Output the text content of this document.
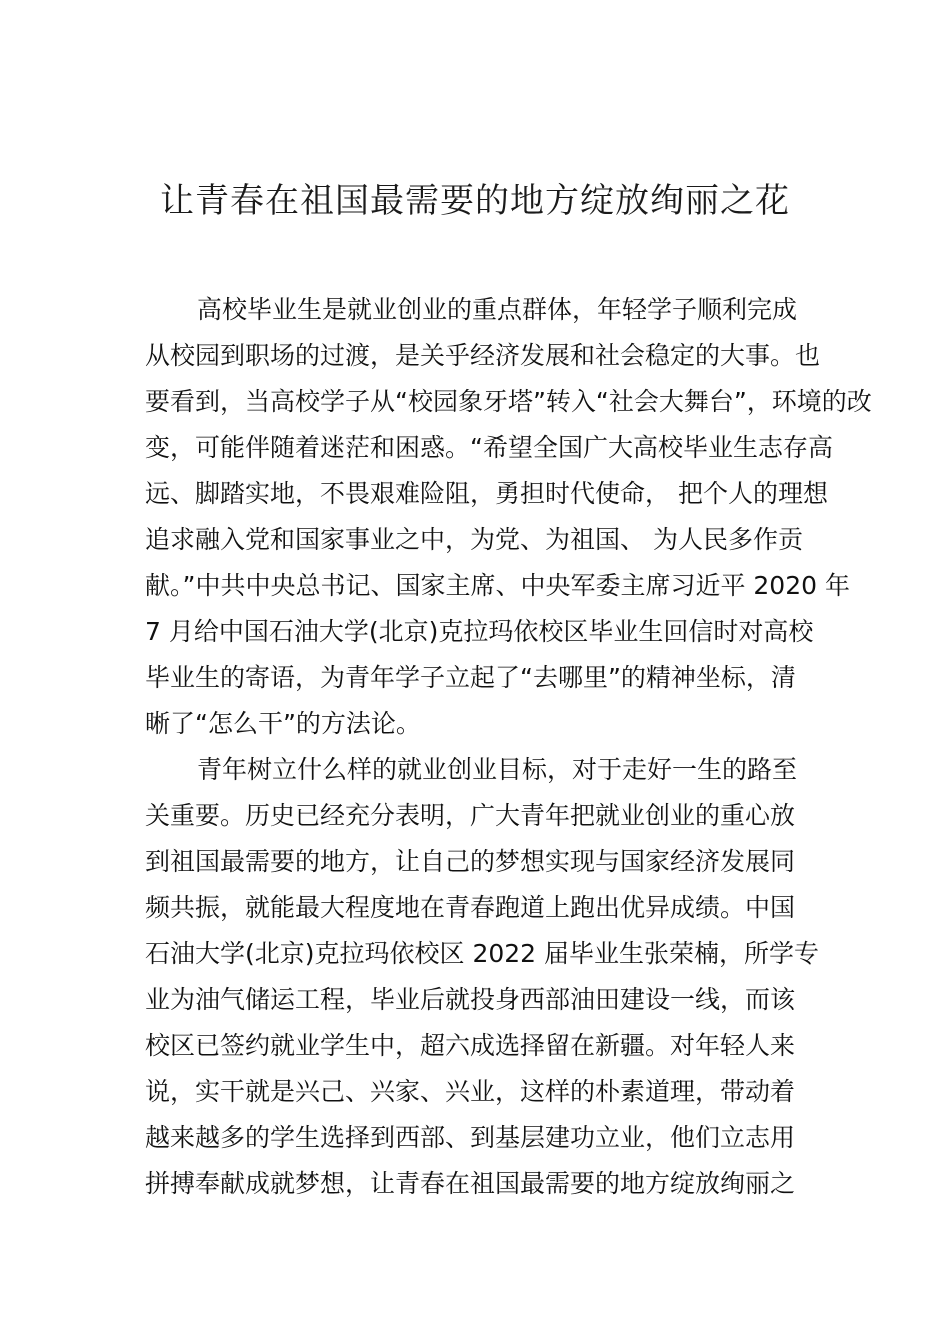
让青春在祖国最需要的地方绽放绚丽之花
高校毕业生是就业创业的重点群体，年轻学子顺利完成
从校园到职场的过渡，是关乎经济发展和社会稳定的大事。也
要看到，当高校学子从“校园象牙塔”转入“社会大舞台”，环境的改
变，可能伴随着迷茫和困惑。“希望全国广大高校毕业生志存高
远、脚踏实地，不畏艰难险阻，勇担时代使命， 把个人的理想
追求融入党和国家事业之中，为党、为祖国、 为人民多作贡
献。”中共中央总书记、国家主席、中央军委主席习近平 2020 年
7 月给中国石油大学(北京)克拉玛依校区毕业生回信时对高校
毕业生的寄语，为青年学子立起了“去哪里”的精神坐标，清
晰了“怎么干”的方法论。
青年树立什么样的就业创业目标，对于走好一生的路至
关重要。历史已经充分表明，广大青年把就业创业的重心放
到祖国最需要的地方，让自己的梦想实现与国家经济发展同
频共振，就能最大程度地在青春跑道上跑出优异成绩。中国
石油大学(北京)克拉玛依校区 2022 届毕业生张荣楠，所学专
业为油气储运工程，毕业后就投身西部油田建设一线，而该
校区已签约就业学生中，超六成选择留在新疆。对年轻人来
说，实干就是兴己、兴家、兴业，这样的朴素道理，带动着
越来越多的学生选择到西部、到基层建功立业，他们立志用
拼搏奉献成就梦想，让青春在祖国最需要的地方绽放绚丽之
